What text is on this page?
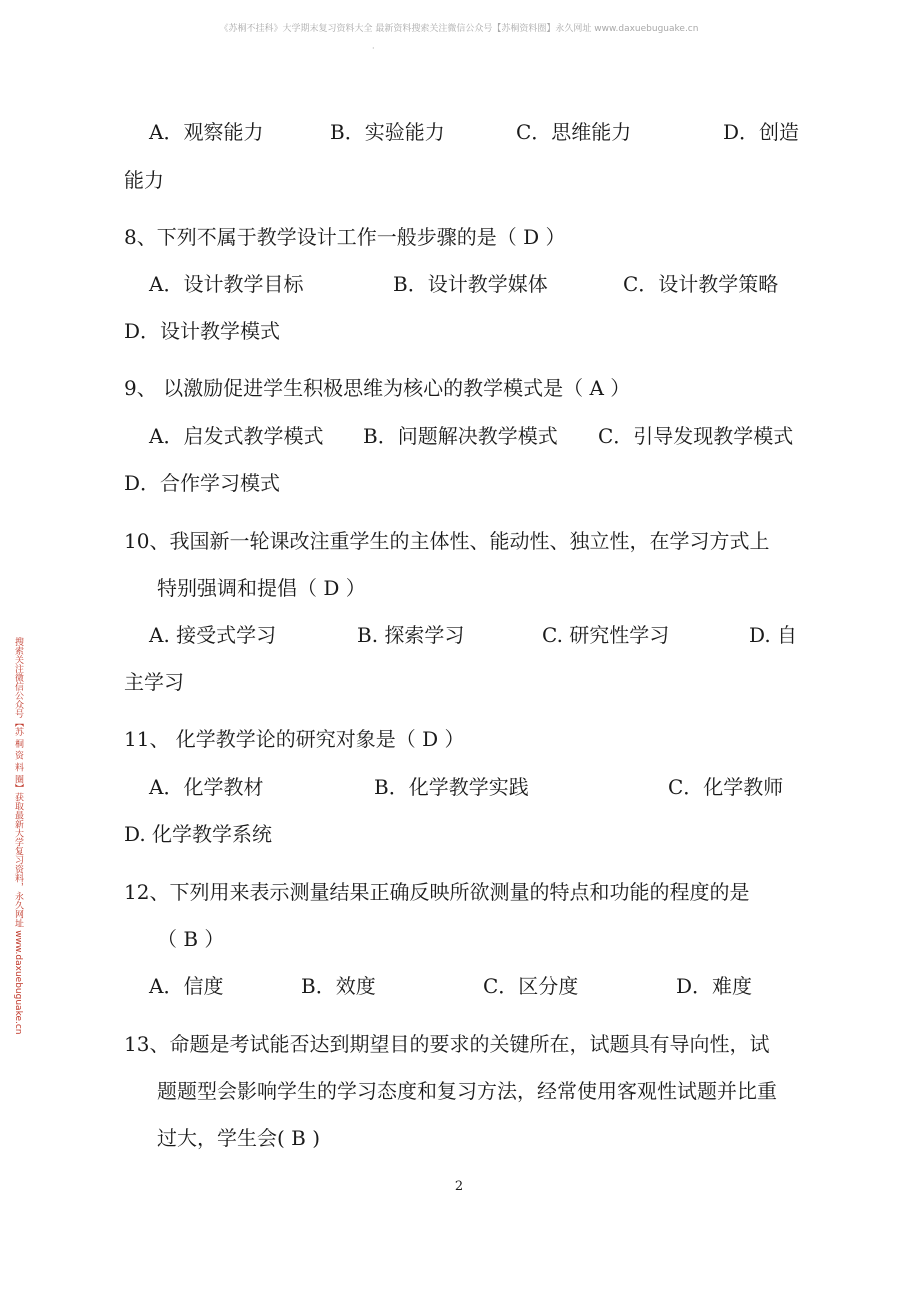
《苏桐不挂科》大学期末复习资料大全 最新资料搜索关注微信公众号【苏桐资料圈】永久网址 www.daxuebuguake.cn
·
搜索关注微信公众号【苏 桐 资 料 圈】获取最新大学复习资料，永久网址 www.daxuebuguake.cn
A．观察能力	B．实验能力	C．思维能力	D．创造
能力
8、下列不属于教学设计工作一般步骤的是（ D ）
A．设计教学目标	B．设计教学媒体	C．设计教学策略
D．设计教学模式
9、 以激励促进学生积极思维为核心的教学模式是（ A ）
A．启发式教学模式 B．问题解决教学模式 C．引导发现教学模式
D．合作学习模式
10、我国新一轮课改注重学生的主体性、能动性、独立性，在学习方式上
特别强调和提倡（ D ）
A. 接受式学习	B. 探索学习	C. 研究性学习	D. 自
主学习
11、 化学教学论的研究对象是（ D ）
A．化学教材	B．化学教学实践	C．化学教师
D. 化学教学系统
12、下列用来表示测量结果正确反映所欲测量的特点和功能的程度的是
（ B ）
A．信度	B．效度	C．区分度	D．难度
13、命题是考试能否达到期望目的要求的关键所在，试题具有导向性，试
题题型会影响学生的学习态度和复习方法，经常使用客观性试题并比重
过大，学生会( B )
2
